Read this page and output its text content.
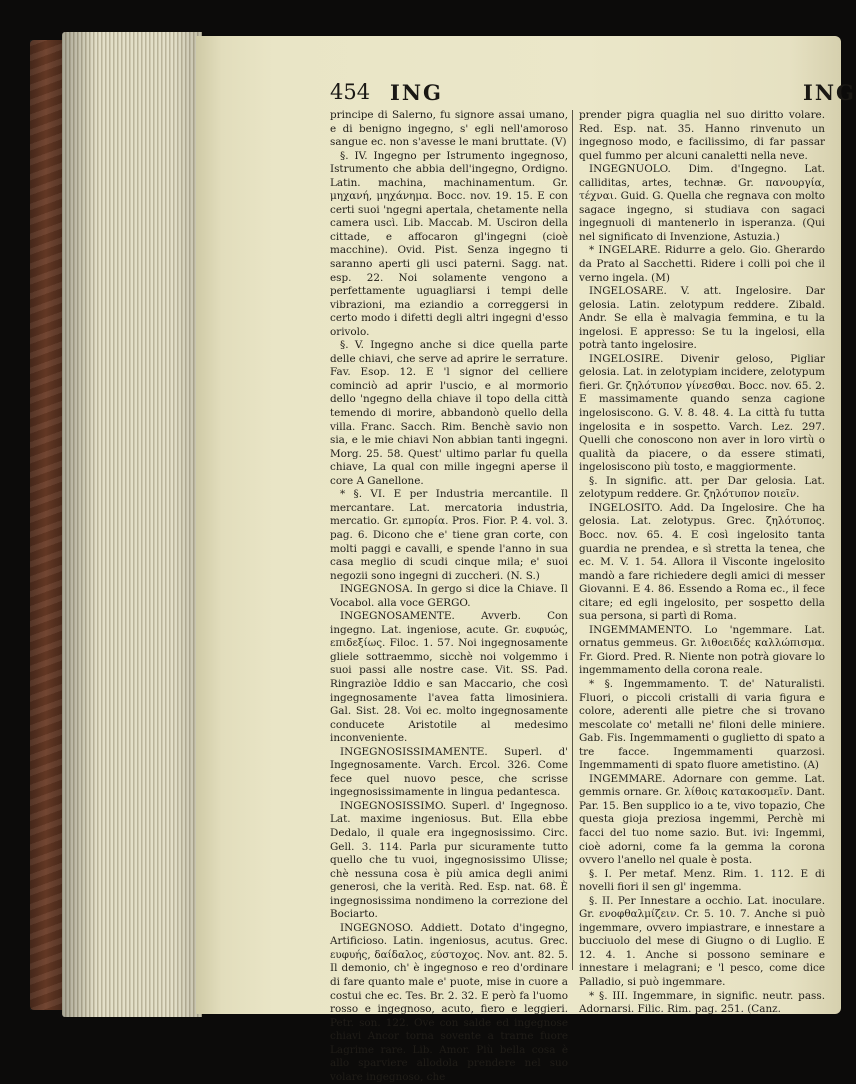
454 ING	ING

principe di Salerno, fu signore assai umano, e di benigno ingegno, s' egli nell'amoroso sangue ec. non s'avesse le mani bruttate. (V)

§. IV. Ingegno per Istrumento ingegnoso, Istrumento che abbia dell'ingegno, Ordigno. Latin. machina, machinamentum. Gr. μηχανή, μηχάνημα. Bocc. nov. 19. 15. E con certi suoi 'ngegni apertala, chetamente nella camera uscì. Lib. Maccab. M. Usciron della cittade, e affocaron gl'ingegni (cioè macchine). Ovid. Pist. Senza ingegno ti saranno aperti gli usci paterni. Sagg. nat. esp. 22. Noi solamente vengono a perfettamente uguagliarsi i tempi delle vibrazioni, ma eziandio a correggersi in certo modo i difetti degli altri ingegni d'esso orivolo.

§. V. Ingegno anche si dice quella parte delle chiavi, che serve ad aprire le serrature. Fav. Esop. 12. E 'l signor del celliere cominciò ad aprir l'uscio, e al mormorio dello 'ngegno della chiave il topo della città temendo di morire, abbandonò quello della villa. Franc. Sacch. Rim. Benchè savio non sia, e le mie chiavi Non abbian tanti ingegni. Morg. 25. 58. Quest' ultimo parlar fu quella chiave, La qual con mille ingegni aperse il core A Ganellone.

* §. VI. E per Industria mercantile. Il mercantare. Lat. mercatoria industria, mercatio. Gr. εμπορία. Pros. Fior. P. 4. vol. 3. pag. 6. Dicono che e' tiene gran corte, con molti paggi e cavalli, e spende l'anno in sua casa meglio di scudi cinque mila; e' suoi negozii sono ingegni di zuccheri. (N. S.)

INGEGNOSA. In gergo si dice la Chiave. Il Vocabol. alla voce GERGO.

INGEGNOSAMENTE. Avverb. Con ingegno. Lat. ingeniose, acute. Gr. ευφυώς, επιδεξίως. Filoc. 1. 57. Noi ingegnosamente gliele sottraemmo, sicchè noi volgemmo i suoi passi alle nostre case. Vit. SS. Pad. Ringraziòe Iddio e san Maccario, che così ingegnosamente l'avea fatta limosiniera. Gal. Sist. 28. Voi ec. molto ingegnosamente conducete Aristotile al medesimo inconveniente.

INGEGNOSISSIMAMENTE. Superl. d' Ingegnosamente. Varch. Ercol. 326. Come fece quel nuovo pesce, che scrisse ingegnosissimamente in lingua pedantesca.

INGEGNOSISSIMO. Superl. d' Ingegnoso. Lat. maxime ingeniosus. But. Ella ebbe Dedalo, il quale era ingegnosissimo. Circ. Gell. 3. 114. Parla pur sicuramente tutto quello che tu vuoi, ingegnosissimo Ulisse; chè nessuna cosa è più amica degli animi generosi, che la verità. Red. Esp. nat. 68. È ingegnosissima nondimeno la correzione del Bociarto.

INGEGNOSO. Addiett. Dotato d'ingegno, Artificioso. Latin. ingeniosus, acutus. Grec. ευφυής, δαίδαλος, εύστοχος. Nov. ant. 82. 5. Il demonio, ch' è ingegnoso e reo d'ordinare di fare quanto male e' puote, mise in cuore a costui che ec. Tes. Br. 2. 32. E però fa l'uomo rosso e ingegnoso, acuto, fiero e leggieri. Petr. son. 122. Ove con salde ed ingegnose chiavi Ancor torna sovente a trarne fuore Lagrime rare. Lib. Amor. Più bella cosa è allo sparviere allodola prendere nel suo volare ingegnoso, che

prender pigra quaglia nel suo diritto volare. Red. Esp. nat. 35. Hanno rinvenuto un ingegnoso modo, e facilissimo, di far passar quel fummo per alcuni canaletti nella neve.

INGEGNUOLO. Dim. d'Ingegno. Lat. calliditas, artes, technæ. Gr. πανουργία, τέχναι. Guid. G. Quella che regnava con molto sagace ingegno, si studiava con sagaci ingegnuoli di mantenerlo in isperanza. (Qui nel significato di Invenzione, Astuzia.)

* INGELARE. Ridurre a gelo. Gio. Gherardo da Prato al Sacchetti. Ridere i colli poi che il verno ingela. (M)

INGELOSARE. V. att. Ingelosire. Dar gelosia. Latin. zelotypum reddere. Zibald. Andr. Se ella è malvagia femmina, e tu la ingelosi. E appresso: Se tu la ingelosi, ella potrà tanto ingelosire.

INGELOSIRE. Divenir geloso, Pigliar gelosia. Lat. in zelotypiam incidere, zelotypum fieri. Gr. ζηλότυπον γίνεσθαι. Bocc. nov. 65. 2. E massimamente quando senza cagione ingelosiscono. G. V. 8. 48. 4. La città fu tutta ingelosita e in sospetto. Varch. Lez. 297. Quelli che conoscono non aver in loro virtù o qualità da piacere, o da essere stimati, ingelosiscono più tosto, e maggiormente.

§. In signific. att. per Dar gelosia. Lat. zelotypum reddere. Gr. ζηλότυπον ποιεῖν.

INGELOSITO. Add. Da Ingelosire. Che ha gelosia. Lat. zelotypus. Grec. ζηλότυπος. Bocc. nov. 65. 4. E così ingelosito tanta guardia ne prendea, e sì stretta la tenea, che ec. M. V. 1. 54. Allora il Visconte ingelosito mandò a fare richiedere degli amici di messer Giovanni. E 4. 86. Essendo a Roma ec., il fece citare; ed egli ingelosito, per sospetto della sua persona, si partì di Roma.

INGEMMAMENTO. Lo 'ngemmare. Lat. ornatus gemmeus. Gr. λιθοειδές καλλώπισμα. Fr. Giord. Pred. R. Niente non potrà giovare lo ingemmamento della corona reale.

* §. Ingemmamento. T. de' Naturalisti. Fluori, o piccoli cristalli di varia figura e colore, aderenti alle pietre che si trovano mescolate co' metalli ne' filoni delle miniere. Gab. Fis. Ingemmamenti o guglietto di spato a tre facce. Ingemmamenti quarzosi. Ingemmamenti di spato fluore ametistino. (A)

INGEMMARE. Adornare con gemme. Lat. gemmis ornare. Gr. λίθοις κατακοσμεῖν. Dant. Par. 15. Ben supplico io a te, vivo topazio, Che questa gioja preziosa ingemmi, Perchè mi facci del tuo nome sazio. But. ivi: Ingemmi, cioè adorni, come fa la gemma la corona ovvero l'anello nel quale è posta.

§. I. Per metaf. Menz. Rim. 1. 112. E di novelli fiori il sen gl' ingemma.

§. II. Per Innestare a occhio. Lat. inoculare. Gr. ενοφθαλμίζειν. Cr. 5. 10. 7. Anche si può ingemmare, ovvero impiastrare, e innestare a bucciuolo del mese di Giugno o di Luglio. E 12. 4. 1. Anche si possono seminare e innestare i melagrani; e 'l pesco, come dice Palladio, si può ingemmare.

* §. III. Ingemmare, in signific. neutr. pass. Adornarsi. Filic. Rim. pag. 251. (Canz.
